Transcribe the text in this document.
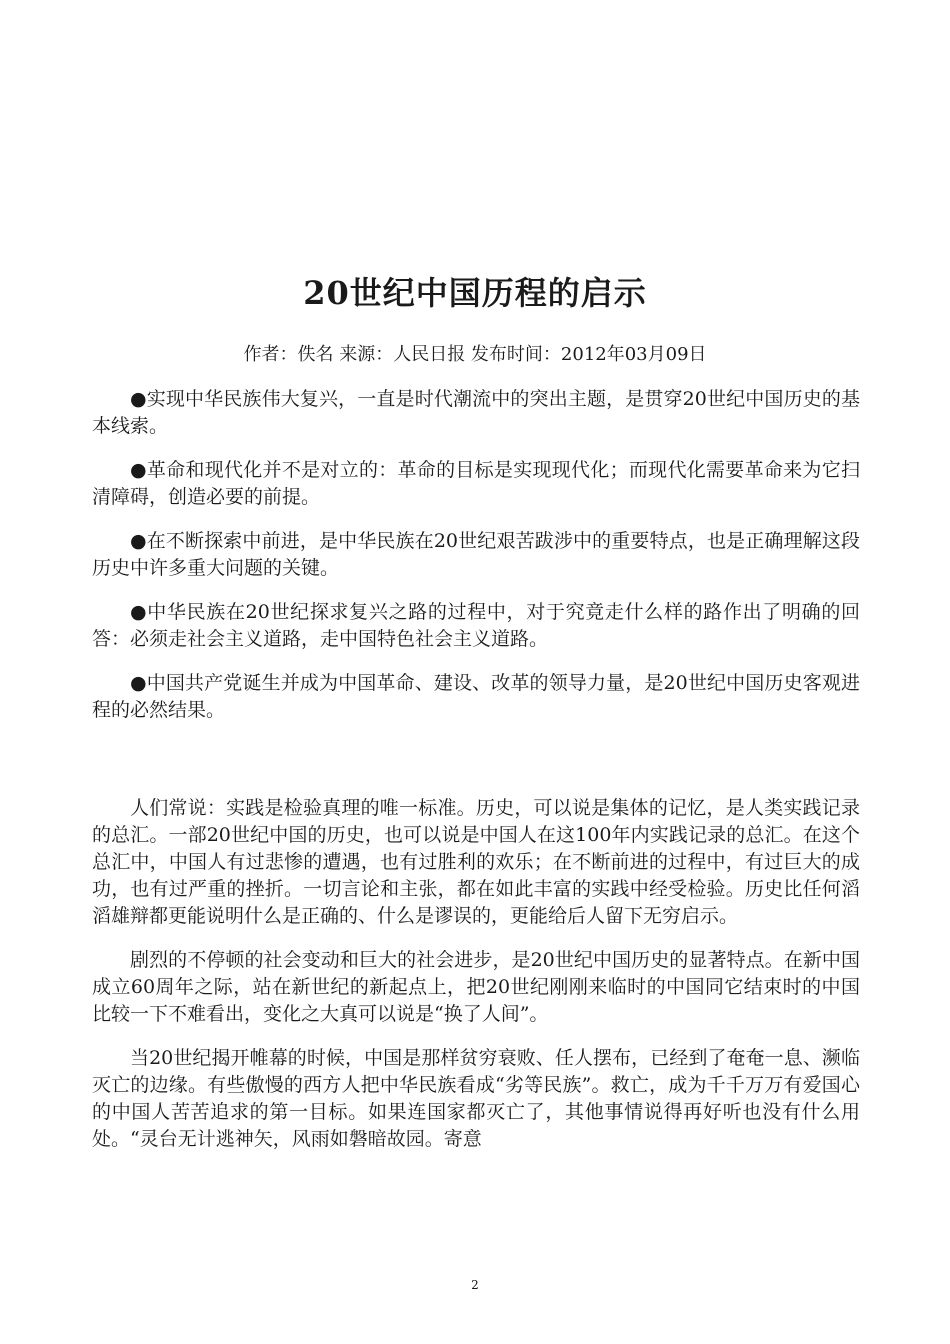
20世纪中国历程的启示
作者：佚名 来源：人民日报 发布时间：2012年03月09日

●实现中华民族伟大复兴，一直是时代潮流中的突出主题，是贯穿20世纪中国历史的基本线索。

●革命和现代化并不是对立的：革命的目标是实现现代化；而现代化需要革命来为它扫清障碍，创造必要的前提。

●在不断探索中前进，是中华民族在20世纪艰苦跋涉中的重要特点，也是正确理解这段历史中许多重大问题的关键。

●中华民族在20世纪探求复兴之路的过程中，对于究竟走什么样的路作出了明确的回答：必须走社会主义道路，走中国特色社会主义道路。

●中国共产党诞生并成为中国革命、建设、改革的领导力量，是20世纪中国历史客观进程的必然结果。

人们常说：实践是检验真理的唯一标准。历史，可以说是集体的记忆，是人类实践记录的总汇。一部20世纪中国的历史，也可以说是中国人在这100年内实践记录的总汇。在这个总汇中，中国人有过悲惨的遭遇，也有过胜利的欢乐；在不断前进的过程中，有过巨大的成功，也有过严重的挫折。一切言论和主张，都在如此丰富的实践中经受检验。历史比任何滔滔雄辩都更能说明什么是正确的、什么是谬误的，更能给后人留下无穷启示。

剧烈的不停顿的社会变动和巨大的社会进步，是20世纪中国历史的显著特点。在新中国成立60周年之际，站在新世纪的新起点上，把20世纪刚刚来临时的中国同它结束时的中国比较一下不难看出，变化之大真可以说是“换了人间”。

当20世纪揭开帷幕的时候，中国是那样贫穷衰败、任人摆布，已经到了奄奄一息、濒临灭亡的边缘。有些傲慢的西方人把中华民族看成“劣等民族”。救亡，成为千千万万有爱国心的中国人苦苦追求的第一目标。如果连国家都灭亡了，其他事情说得再好听也没有什么用处。“灵台无计逃神矢，风雨如磐暗故园。寄意

2
